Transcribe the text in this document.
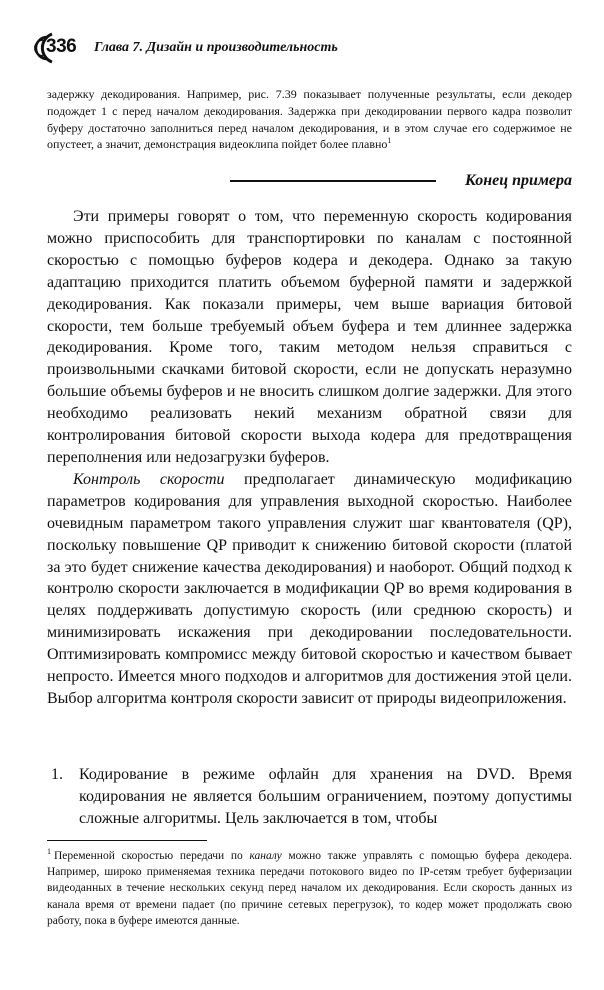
336 Глава 7. Дизайн и производительность

задержку декодирования. Например, рис. 7.39 показывает полученные результаты, если декодер подождет 1 с перед началом декодирования. Задержка при декодировании первого кадра позволит буферу достаточно заполниться перед началом декодирования, и в этом случае его содержимое не опустеет, а значит, демонстрация видеоклипа пойдет более плавно$^1$

Конец примера

Эти примеры говорят о том, что переменную скорость кодирования можно приспособить для транспортировки по каналам с постоянной скоростью с помощью буферов кодера и декодера. Однако за такую адаптацию приходится платить объемом буферной памяти и задержкой декодирования. Как показали примеры, чем выше вариация битовой скорости, тем больше требуемый объем буфера и тем длиннее задержка декодирования. Кроме того, таким методом нельзя справиться с произвольными скачками битовой скорости, если не допускать неразумно большие объемы буферов и не вносить слишком долгие задержки. Для этого необходимо реализовать некий механизм обратной связи для контролирования битовой скорости выхода кодера для предотвращения переполнения или недозагрузки буферов.

Контроль скорости предполагает динамическую модификацию параметров кодирования для управления выходной скоростью. Наиболее очевидным параметром такого управления служит шаг квантователя (QP), поскольку повышение QP приводит к снижению битовой скорости (платой за это будет снижение качества декодирования) и наоборот. Общий подход к контролю скорости заключается в модификации QP во время кодирования в целях поддерживать допустимую скорость (или среднюю скорость) и минимизировать искажения при декодировании последовательности. Оптимизировать компромисс между битовой скоростью и качеством бывает непросто. Имеется много подходов и алгоритмов для достижения этой цели. Выбор алгоритма контроля скорости зависит от природы видеоприложения.

1. Кодирование в режиме офлайн для хранения на DVD. Время кодирования не является большим ограничением, поэтому допустимы сложные алгоритмы. Цель заключается в том, чтобы
$^1$ Переменной скоростью передачи по каналу можно также управлять с помощью буфера декодера. Например, широко применяемая техника передачи потокового видео по IP-сетям требует буферизации видеоданных в течение нескольких секунд перед началом их декодирования. Если скорость данных из канала время от времени падает (по причине сетевых перегрузок), то кодер может продолжать свою работу, пока в буфере имеются данные.
